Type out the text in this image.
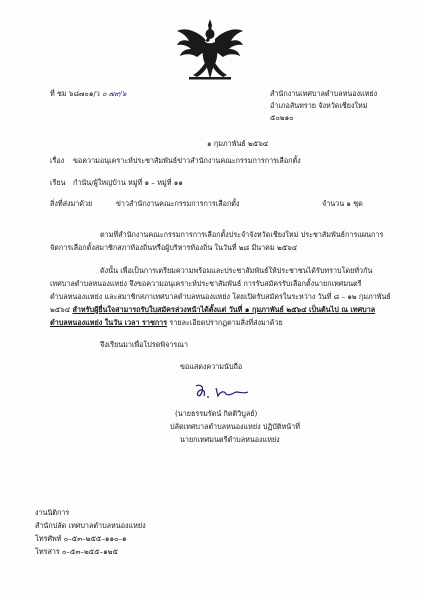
ที่ ชม ๖๘๗๐๑/ว ๐ ๗๙/๖	สำนักงานเทศบาลตำบลหนองแหย่ง
อำเภอสันทราย จังหวัดเชียงใหม่
๕๐๒๑๐
๑ กุมภาพันธ์ ๒๕๖๔
เรื่อง ขอความอนุเคราะห์ประชาสัมพันธ์ข่าวสำนักงานคณะกรรมการการเลือกตั้ง
เรียน กำนัน/ผู้ใหญ่บ้าน หมู่ที่ ๑ – หมู่ที่ ๑๑
สิ่งที่ส่งมาด้วย	ข่าวสำนักงานคณะกรรมการการเลือกตั้ง	จำนวน ๑ ชุด
ตามที่สำนักงานคณะกรรมการการเลือกตั้งประจำจังหวัดเชียงใหม่ ประชาสัมพันธ์การแผนการ
จัดการเลือกตั้งสมาชิกสภาท้องถิ่นหรือผู้บริหารท้องถิ่น ในวันที่ ๒๘ มีนาคม ๒๕๖๔
ดังนั้น เพื่อเป็นการเตรียมความพร้อมและประชาสัมพันธ์ให้ประชาชนได้รับทราบโดยทั่วกัน
เทศบาลตำบลหนองแหย่ง จึงขอความอนุเคราะห์ประชาสัมพันธ์ การรับสมัครรับเลือกตั้งนายกเทศมนตรี
ตำบลหนองแหย่ง และสมาชิกสภาเทศบาลตำบลหนองแหย่ง โดยเปิดรับสมัครในระหว่าง วันที่ ๘ – ๑๒ กุมภาพันธ์
๒๕๖๔ สำหรับผู้ยื่นใจสามารถรับใบสมัครล่วงหน้าได้ตั้งแต่ วันที่ ๑ กุมภาพันธ์ ๒๕๖๔ เป็นต้นไป ณ เทศบาล
ตำบลหนองแหย่ง ในวัน เวลา ราชการ รายละเอียดปรากฏตามสิ่งที่ส่งมาด้วย
จึงเรียนมาเพื่อโปรดพิจารณา
ขอแสดงความนับถือ
(นายธรรมรัตน์ กิตติวิบูลย์)
ปลัดเทศบาลตำบลหนองแหย่ง ปฏิบัติหน้าที่
นายกเทศมนตรีตำบลหนองแหย่ง
งานนิติการ
สำนักปลัด เทศบาลตำบลหนองแหย่ง
โทรศัพท์ ๐–๕๓–๒๕๕–๑๑๐–๑
โทรสาร ๐–๕๓–๒๕๕–๑๒๕
